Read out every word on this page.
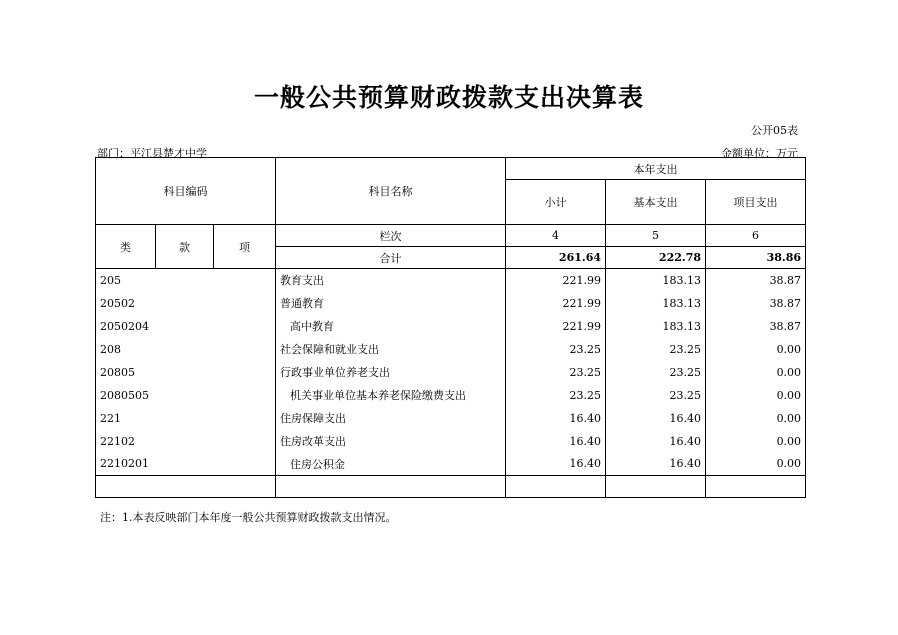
一般公共预算财政拨款支出决算表
公开05表
部门：平江县楚才中学	金额单位：万元
科目编码			科目名称	本年支出		
				小计	基本支出	项目支出
类	款	项	栏次	4	5	6
			合计	261.64	222.78	38.86
205			教育支出	221.99	183.13	38.87
20502			普通教育	221.99	183.13	38.87
2050204			高中教育	221.99	183.13	38.87
208			社会保障和就业支出	23.25	23.25	0.00
20805			行政事业单位养老支出	23.25	23.25	0.00
2080505			机关事业单位基本养老保险缴费支出	23.25	23.25	0.00
221			住房保障支出	16.40	16.40	0.00
22102			住房改革支出	16.40	16.40	0.00
2210201			住房公积金	16.40	16.40	0.00

注：1.本表反映部门本年度一般公共预算财政拨款支出情况。
